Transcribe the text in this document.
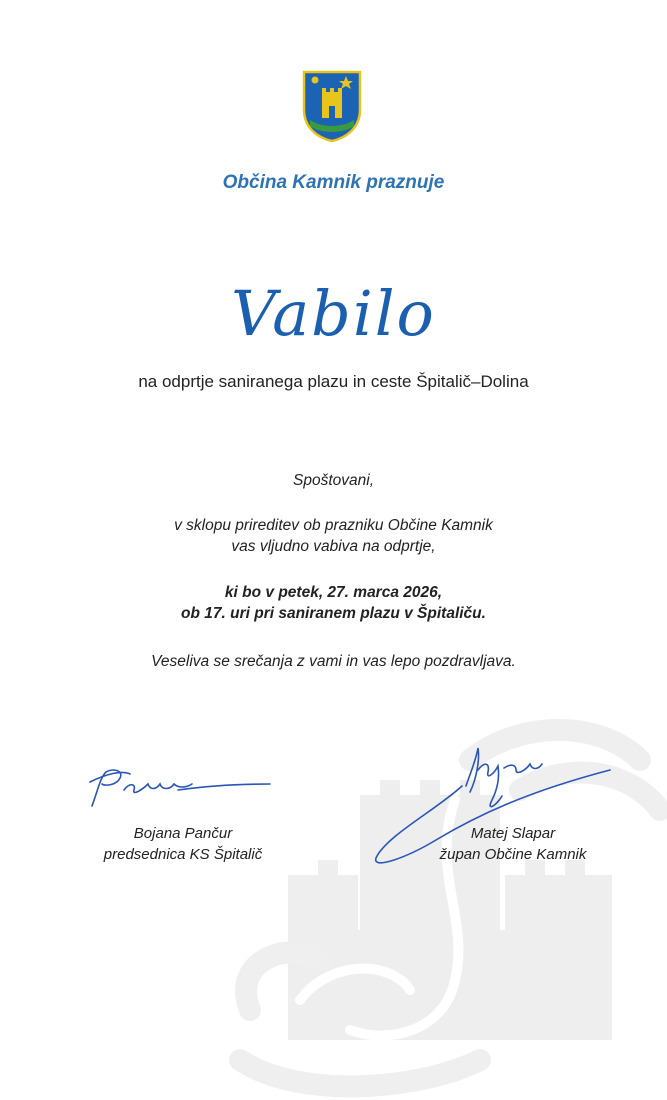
Občina Kamnik praznuje
Vabilo
na odprtje saniranega plazu in ceste Špitalič–Dolina
Spoštovani,
v sklopu prireditev ob prazniku Občine Kamnik
vas vljudno vabiva na odprtje,
ki bo v petek, 27. marca 2026,
ob 17. uri pri saniranem plazu v Špitaliču.
Veseliva se srečanja z vami in vas lepo pozdravljava.
Bojana Pančur
predsednica KS Špitalič
Matej Slapar
župan Občine Kamnik
